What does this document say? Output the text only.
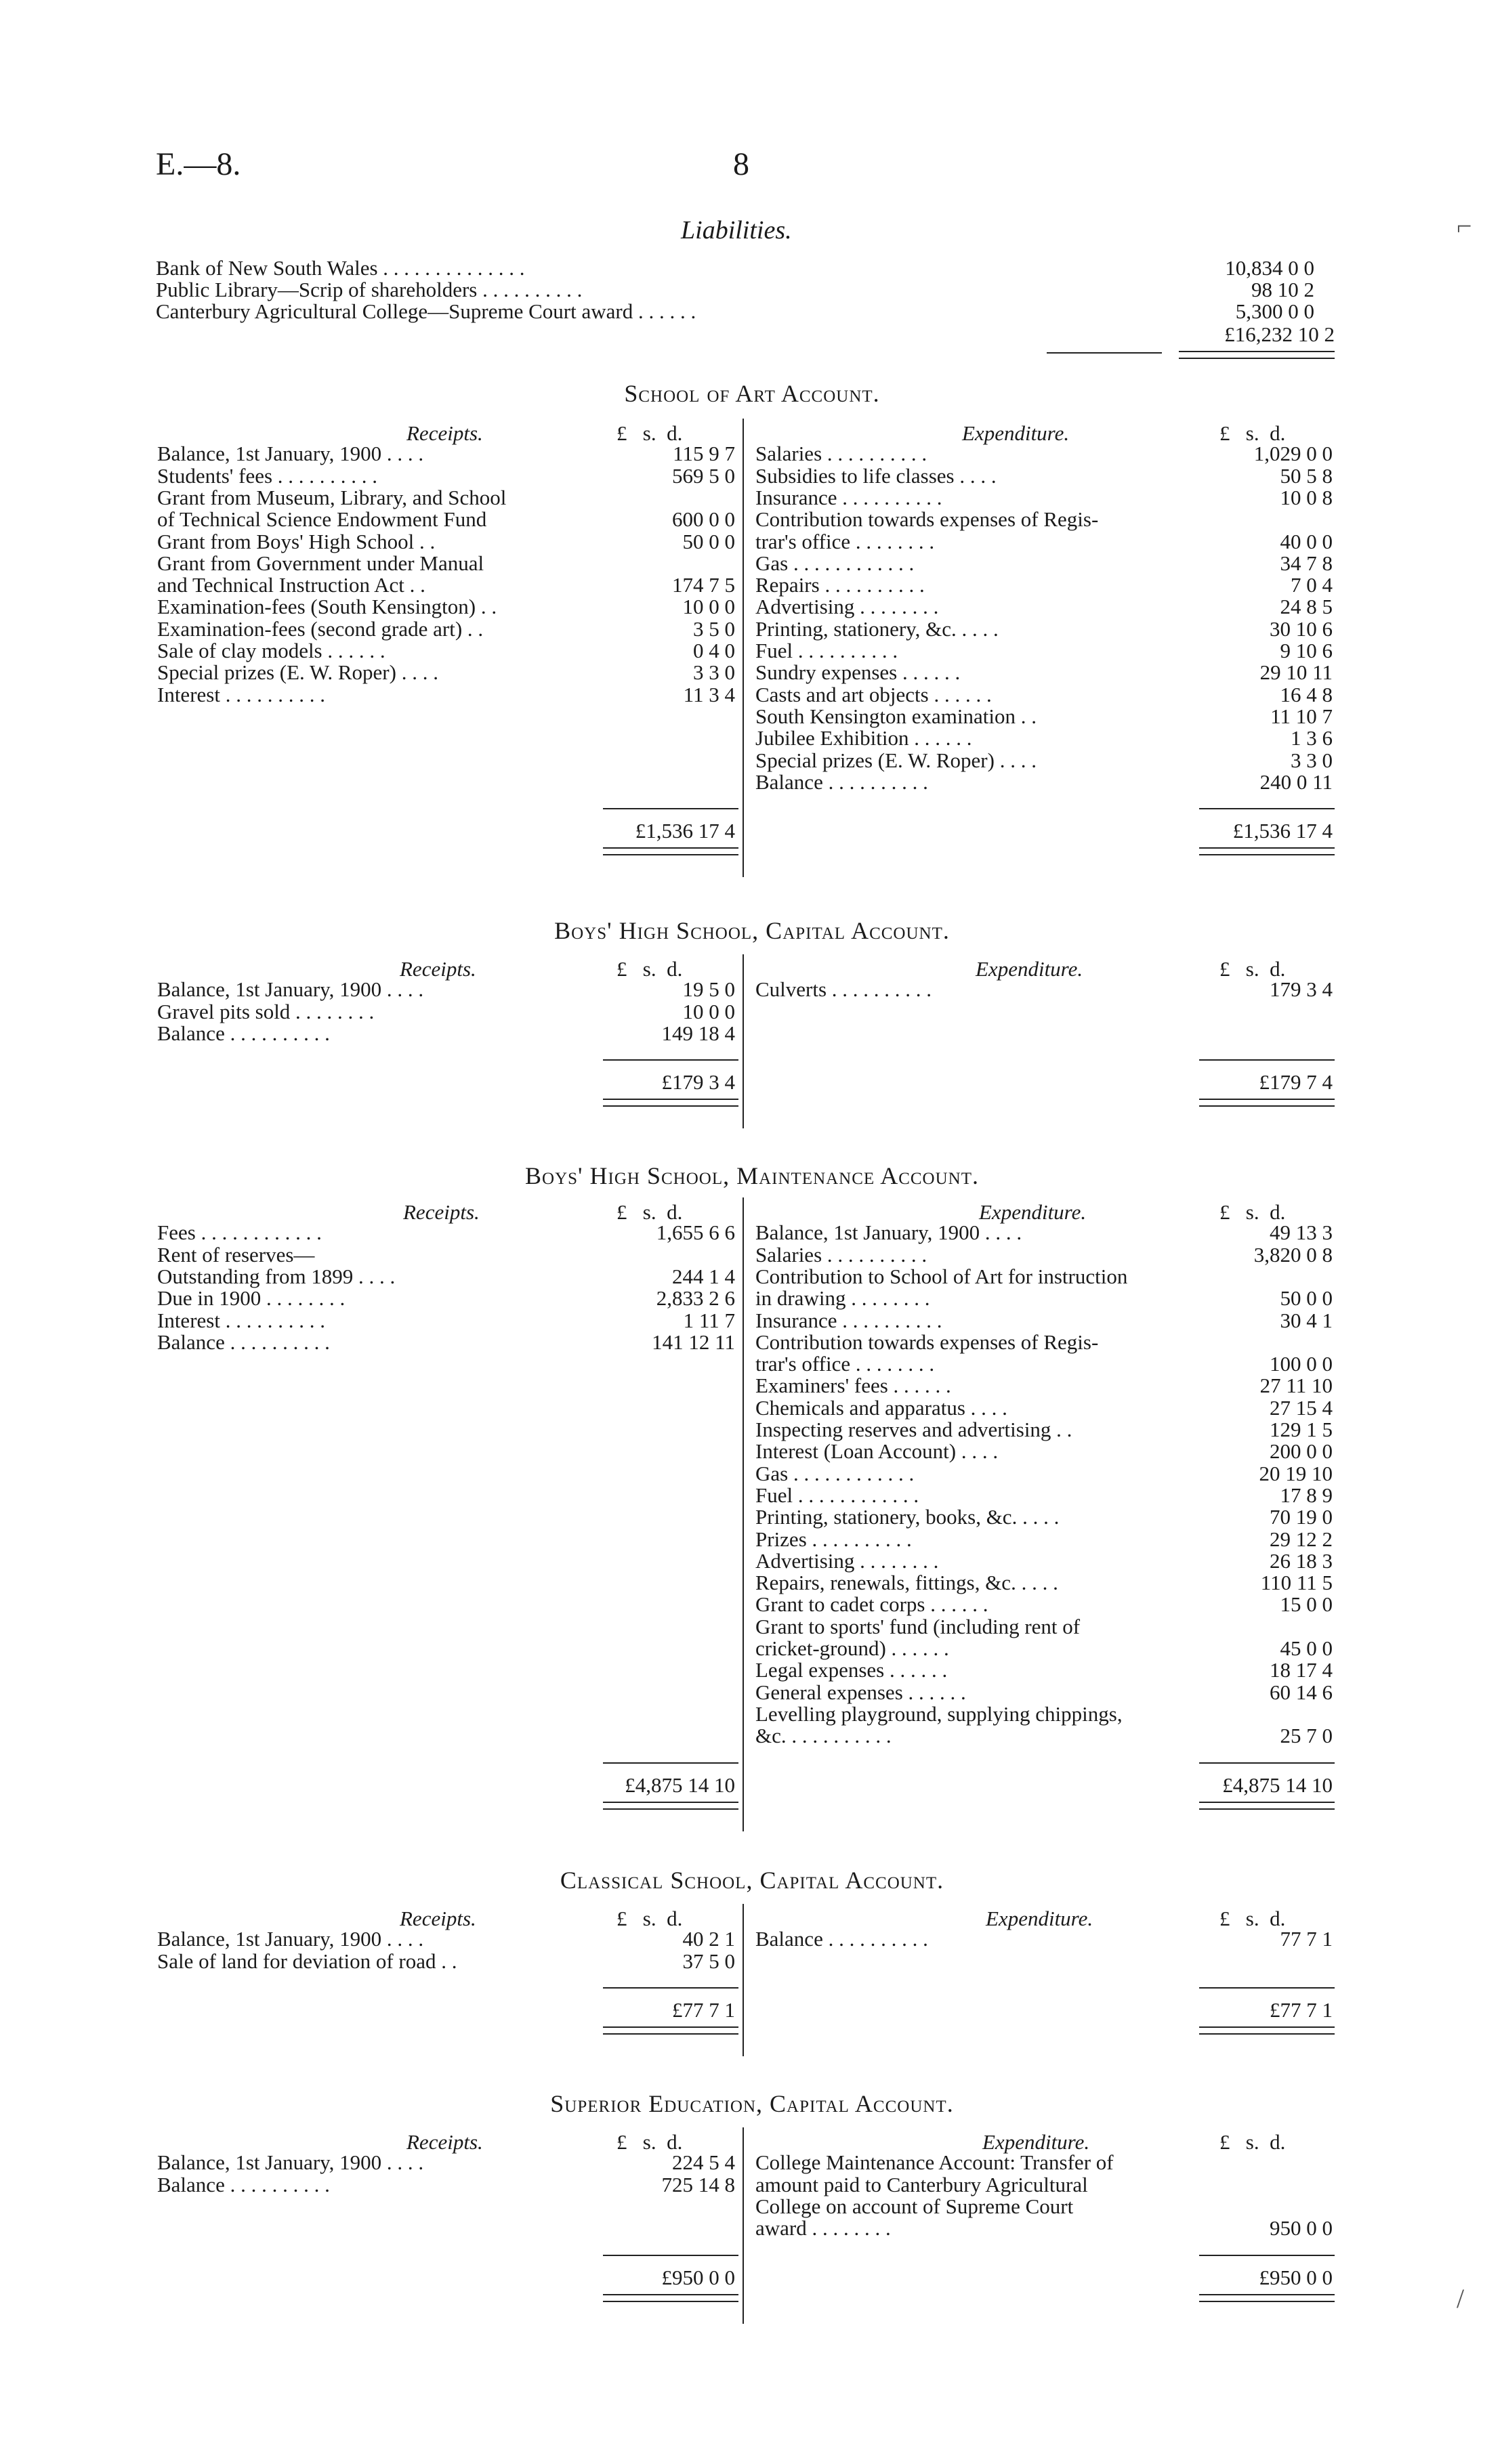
E.—8.	8
Liabilities.
Bank of New South Wales . . . . . . . . . . . . . .	10,834 0 0
Public Library—Scrip of shareholders . . . . . . . . . .	98 10 2
Canterbury Agricultural College—Supreme Court award . . . . . .	5,300 0 0
£16,232 10 2
School of Art Account.
Receipts.	£   s.  d.	Expenditure.	£   s.  d.
Balance, 1st January, 1900 . . . .	115 9 7
Students' fees . . . . . . . . . .	569 5 0
Grant from Museum, Library, and School
of Technical Science Endowment Fund	600 0 0
Grant from Boys' High School . .	50 0 0
Grant from Government under Manual
and Technical Instruction Act . .	174 7 5
Examination-fees (South Kensington) . .	10 0 0
Examination-fees (second grade art) . .	3 5 0
Sale of clay models . . . . . .	0 4 0
Special prizes (E. W. Roper) . . . .	3 3 0
Interest . . . . . . . . . .	11 3 4
Salaries . . . . . . . . . .	1,029 0 0
Subsidies to life classes . . . .	50 5 8
Insurance . . . . . . . . . .	10 0 8
Contribution towards expenses of Regis-
trar's office . . . . . . . .	40 0 0
Gas . . . . . . . . . . . .	34 7 8
Repairs . . . . . . . . . .	7 0 4
Advertising . . . . . . . .	24 8 5
Printing, stationery, &c. . . . .	30 10 6
Fuel . . . . . . . . . .	9 10 6
Sundry expenses . . . . . .	29 10 11
Casts and art objects . . . . . .	16 4 8
South Kensington examination . .	11 10 7
Jubilee Exhibition . . . . . .	1 3 6
Special prizes (E. W. Roper) . . . .	3 3 0
Balance . . . . . . . . . .	240 0 11
£1,536 17 4	£1,536 17 4
Boys' High School, Capital Account.
Receipts.	£   s.  d.	Expenditure.	£   s.  d.
Balance, 1st January, 1900 . . . .	19 5 0
Gravel pits sold . . . . . . . .	10 0 0
Balance . . . . . . . . . .	149 18 4
Culverts . . . . . . . . . .	179 3 4
£179 3 4	£179 7 4
Boys' High School, Maintenance Account.
Receipts.	£   s.  d.	Expenditure.	£   s.  d.
Fees . . . . . . . . . . . .	1,655 6 6
Rent of reserves—
Outstanding from 1899 . . . .	244 1 4
Due in 1900 . . . . . . . .	2,833 2 6
Interest . . . . . . . . . .	1 11 7
Balance . . . . . . . . . .	141 12 11
Balance, 1st January, 1900 . . . .	49 13 3
Salaries . . . . . . . . . .	3,820 0 8
Contribution to School of Art for instruction
in drawing . . . . . . . .	50 0 0
Insurance . . . . . . . . . .	30 4 1
Contribution towards expenses of Regis-
trar's office . . . . . . . .	100 0 0
Examiners' fees . . . . . .	27 11 10
Chemicals and apparatus . . . .	27 15 4
Inspecting reserves and advertising . .	129 1 5
Interest (Loan Account) . . . .	200 0 0
Gas . . . . . . . . . . . .	20 19 10
Fuel . . . . . . . . . . . .	17 8 9
Printing, stationery, books, &c. . . . .	70 19 0
Prizes . . . . . . . . . .	29 12 2
Advertising . . . . . . . .	26 18 3
Repairs, renewals, fittings, &c. . . . .	110 11 5
Grant to cadet corps . . . . . .	15 0 0
Grant to sports' fund (including rent of
cricket-ground) . . . . . .	45 0 0
Legal expenses . . . . . .	18 17 4
General expenses . . . . . .	60 14 6
Levelling playground, supplying chippings,
&c. . . . . . . . . . .	25 7 0
£4,875 14 10	£4,875 14 10
Classical School, Capital Account.
Receipts.	£   s.  d.	Expenditure.	£   s.  d.
Balance, 1st January, 1900 . . . .	40 2 1
Sale of land for deviation of road . .	37 5 0
Balance . . . . . . . . . .	77 7 1
£77 7 1	£77 7 1
Superior Education, Capital Account.
Receipts.	£   s.  d.	Expenditure.	£   s.  d.
Balance, 1st January, 1900 . . . .	224 5 4
Balance . . . . . . . . . .	725 14 8
College Maintenance Account: Transfer of
amount paid to Canterbury Agricultural
College on account of Supreme Court
award . . . . . . . .	950 0 0
£950 0 0	£950 0 0
⌐
/
